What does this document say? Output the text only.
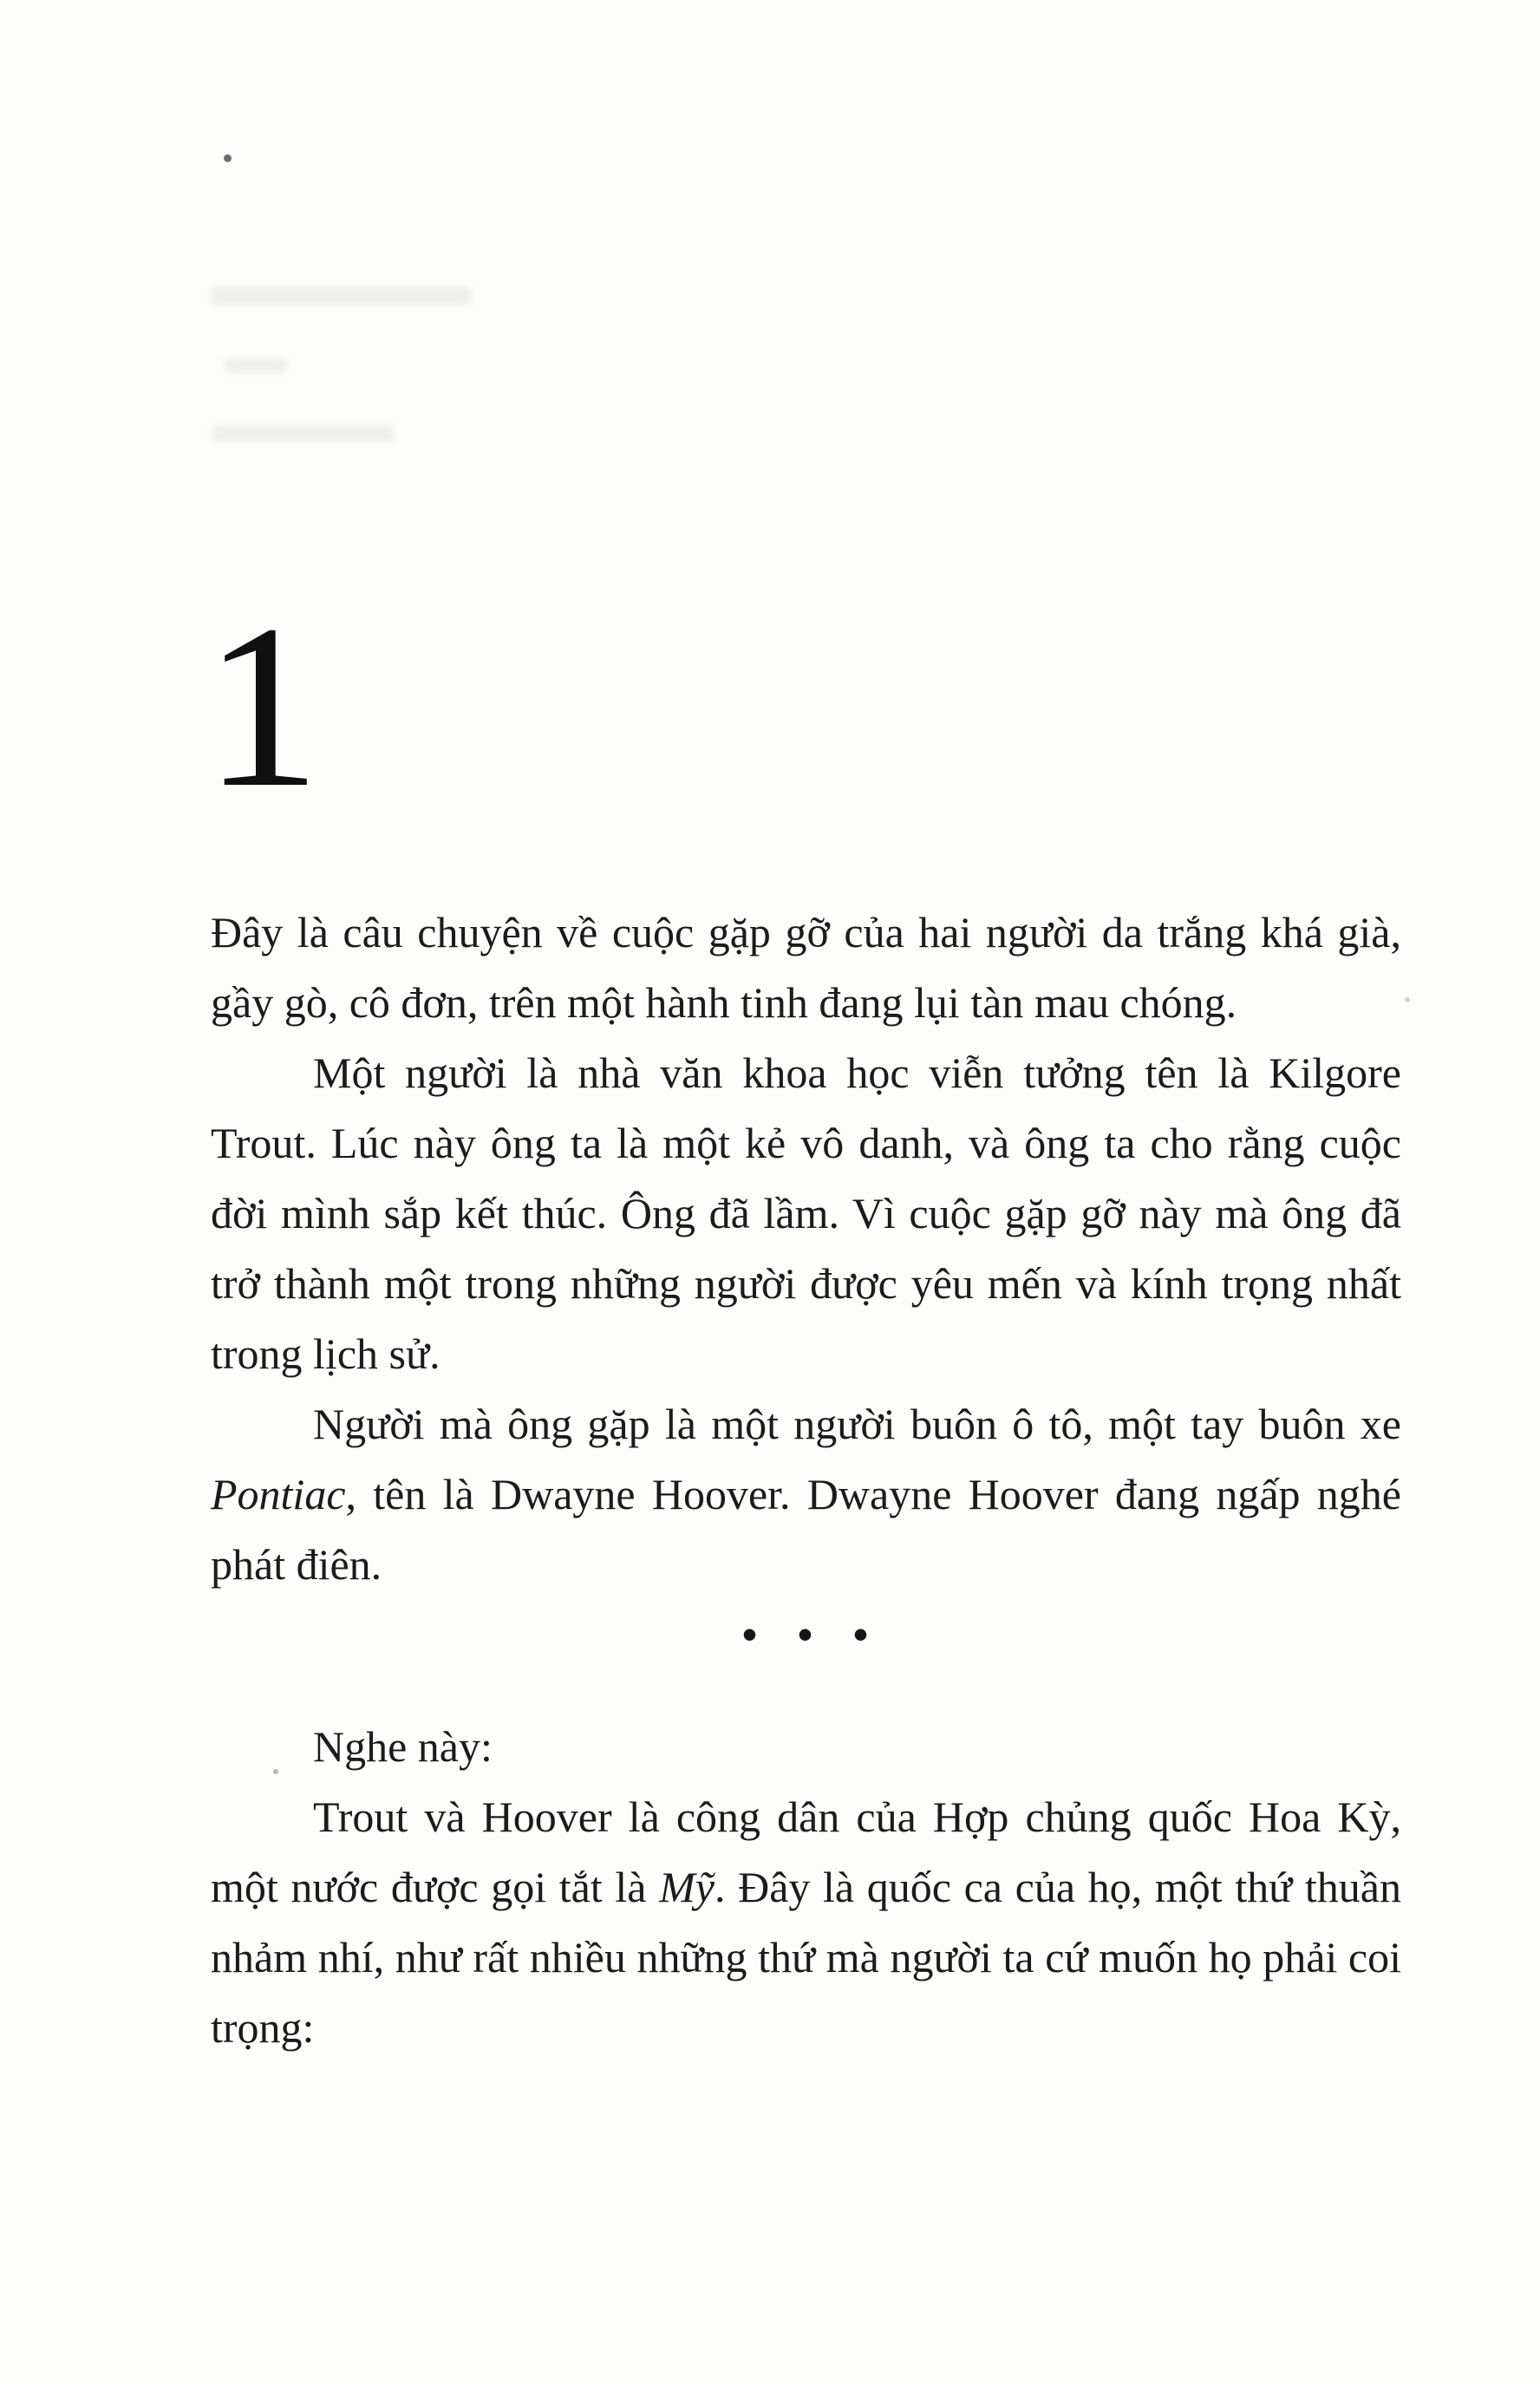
1

Đây là câu chuyện về cuộc gặp gỡ của hai người da trắng khá già, gầy gò, cô đơn, trên một hành tinh đang lụi tàn mau chóng.

Một người là nhà văn khoa học viễn tưởng tên là Kilgore Trout. Lúc này ông ta là một kẻ vô danh, và ông ta cho rằng cuộc đời mình sắp kết thúc. Ông đã lầm. Vì cuộc gặp gỡ này mà ông đã trở thành một trong những người được yêu mến và kính trọng nhất trong lịch sử.

Người mà ông gặp là một người buôn ô tô, một tay buôn xe Pontiac, tên là Dwayne Hoover. Dwayne Hoover đang ngấp nghé phát điên.

• • •

Nghe này:

Trout và Hoover là công dân của Hợp chủng quốc Hoa Kỳ, một nước được gọi tắt là Mỹ. Đây là quốc ca của họ, một thứ thuần nhảm nhí, như rất nhiều những thứ mà người ta cứ muốn họ phải coi trọng:
